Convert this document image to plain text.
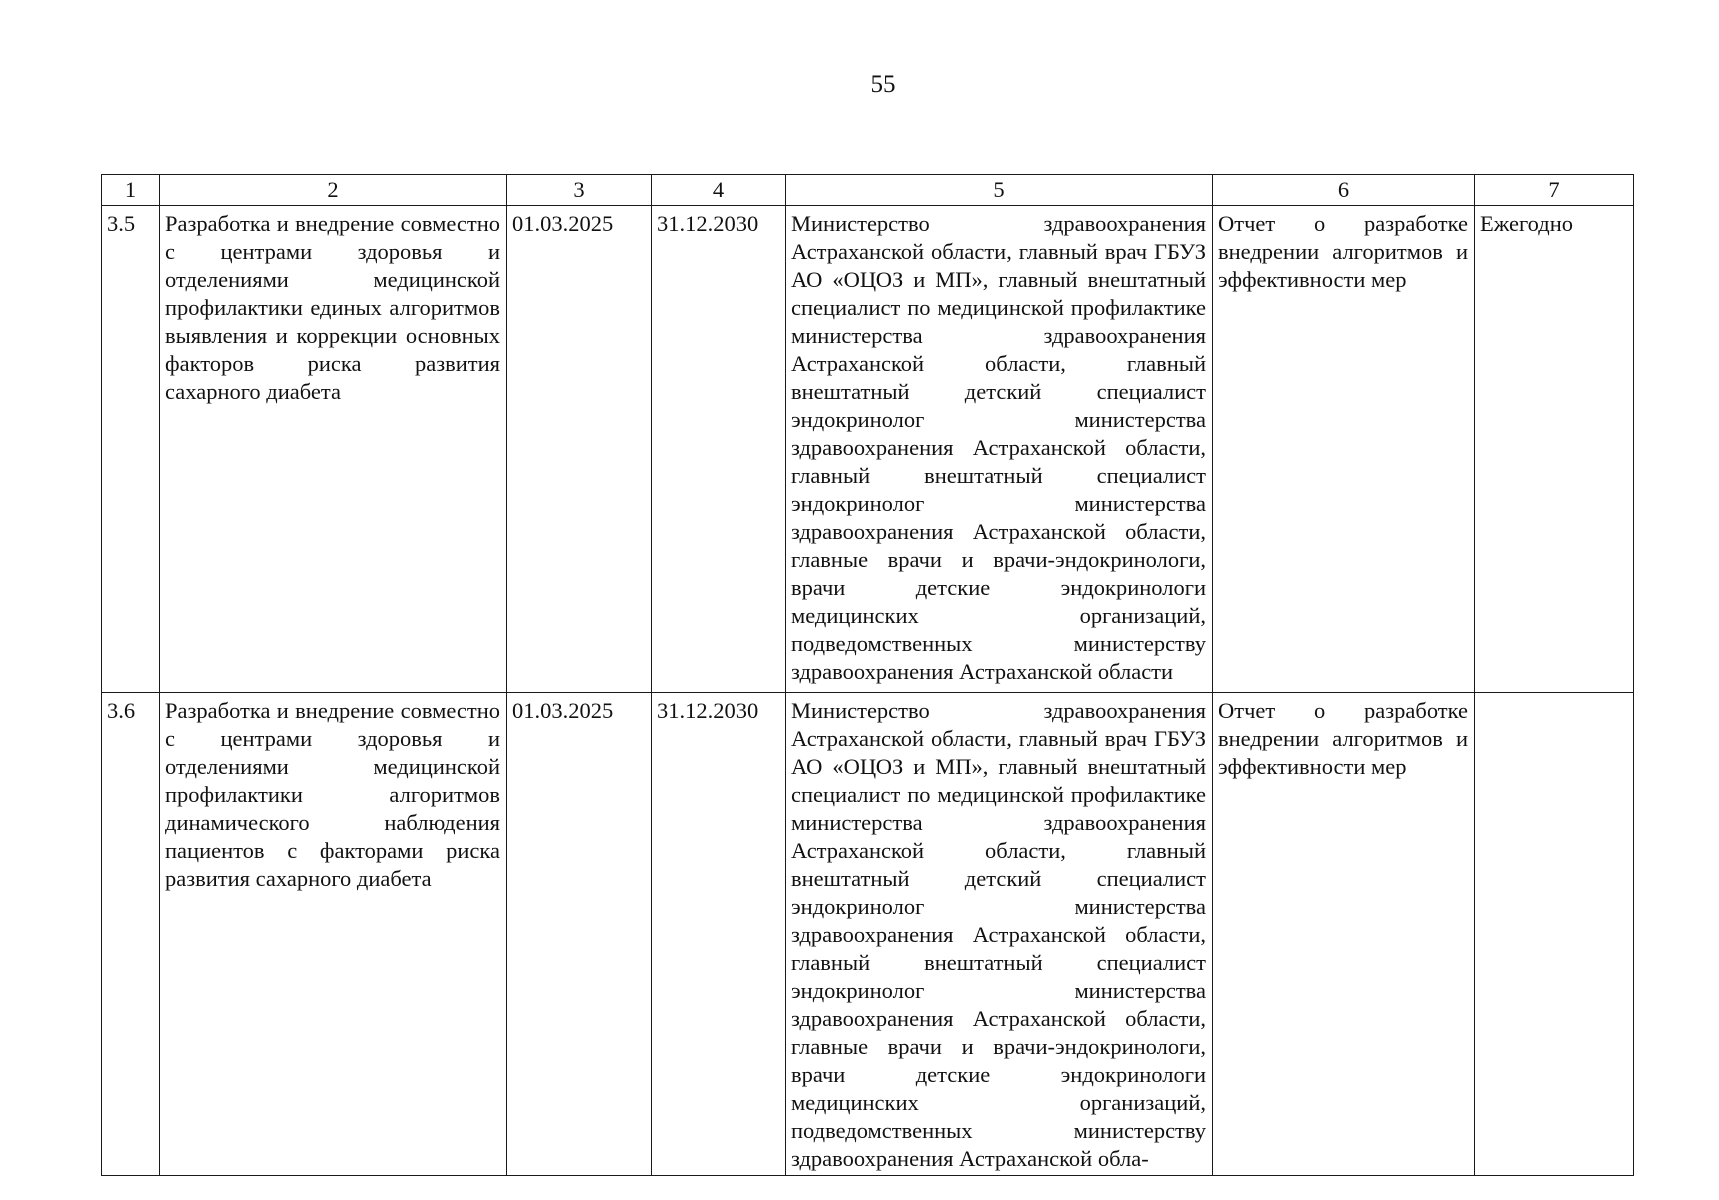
55
1	2	3	4	5	6	7
3.5	Разработка и внедрение совместно с центрами здоровья и отделениями медицинской профилактики единых алгоритмов выявления и коррекции основных факторов риска развития сахарного диабета	01.03.2025	31.12.2030	Министерство здравоохранения Астраханской области, главный врач ГБУЗ АО «ОЦОЗ и МП», главный внештатный специалист по медицинской профилактике министерства здравоохранения Астраханской области, главный внештатный детский специалист эндокринолог министерства здравоохранения Астраханской области, главный внештатный специалист эндокринолог министерства здравоохранения Астраханской области, главные врачи и врачи-эндокринологи, врачи детские эндокринологи медицинских организаций, подведомственных министерству здравоохранения Астраханской области	Отчет о разработке внедрении алгоритмов и эффективности мер	Ежегодно
3.6	Разработка и внедрение совместно с центрами здоровья и отделениями медицинской профилактики алгоритмов динамического наблюдения пациентов с факторами риска развития сахарного диабета	01.03.2025	31.12.2030	Министерство здравоохранения Астраханской области, главный врач ГБУЗ АО «ОЦОЗ и МП», главный внештатный специалист по медицинской профилактике министерства здравоохранения Астраханской области, главный внештатный детский специалист эндокринолог министерства здравоохранения Астраханской области, главный внештатный специалист эндокринолог министерства здравоохранения Астраханской области, главные врачи и врачи-эндокринологи, врачи детские эндокринологи медицинских организаций, подведомственных министерству здравоохранения Астраханской обла-	Отчет о разработке внедрении алгоритмов и эффективности мер	
